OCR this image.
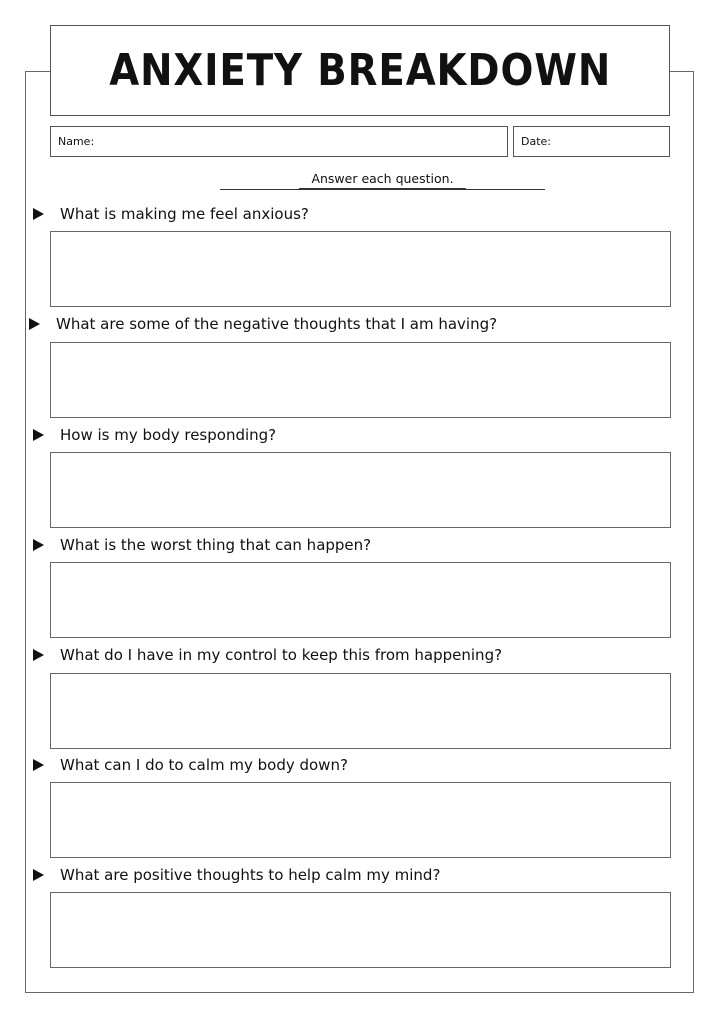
ANXIETY BREAKDOWN
Name:	Date:
Answer each question.
What is making me feel anxious?
What are some of the negative thoughts that I am having?
How is my body responding?
What is the worst thing that can happen?
What do I have in my control to keep this from happening?
What can I do to calm my body down?
What are positive thoughts to help calm my mind?
